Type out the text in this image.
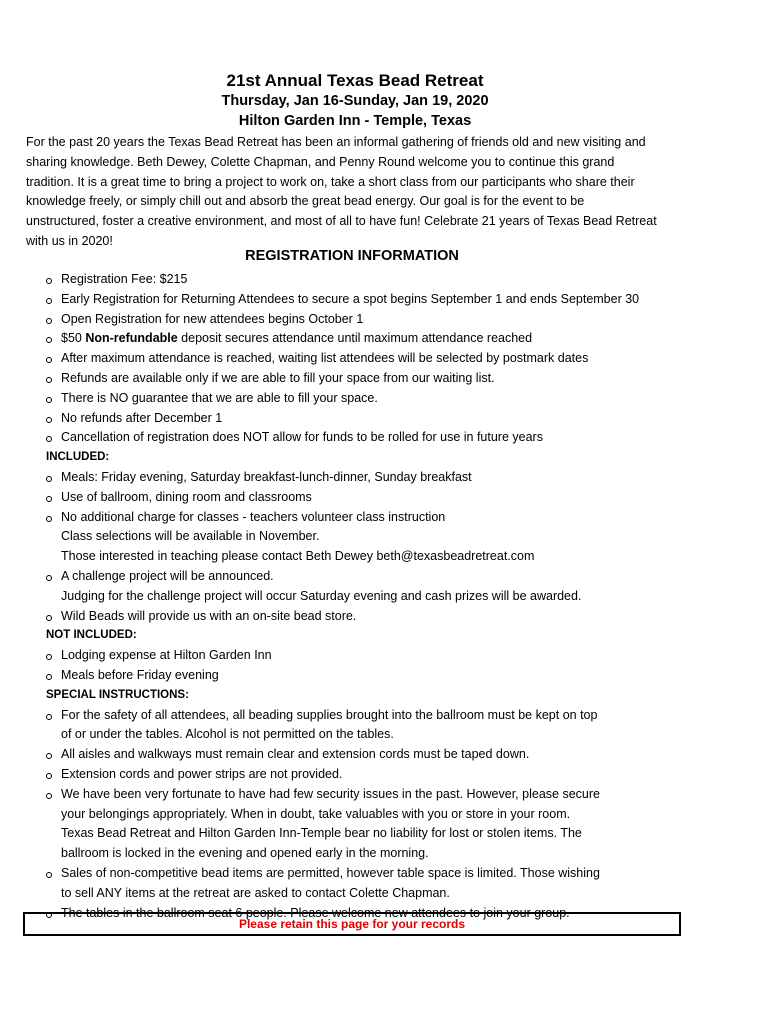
21st Annual Texas Bead Retreat
Thursday, Jan 16-Sunday, Jan 19, 2020
Hilton Garden Inn - Temple, Texas
For the past 20 years the Texas Bead Retreat has been an informal gathering of friends old and new visiting and
sharing knowledge. Beth Dewey, Colette Chapman, and Penny Round welcome you to continue this grand
tradition. It is a great time to bring a project to work on, take a short class from our participants who share their
knowledge freely, or simply chill out and absorb the great bead energy. Our goal is for the event to be
unstructured, foster a creative environment, and most of all to have fun! Celebrate 21 years of Texas Bead Retreat
with us in 2020!
REGISTRATION INFORMATION
Registration Fee: $215
Early Registration for Returning Attendees to secure a spot begins September 1 and ends September 30
Open Registration for new attendees begins October 1
$50 Non-refundable deposit secures attendance until maximum attendance reached
After maximum attendance is reached, waiting list attendees will be selected by postmark dates
Refunds are available only if we are able to fill your space from our waiting list.
There is NO guarantee that we are able to fill your space.
No refunds after December 1
Cancellation of registration does NOT allow for funds to be rolled for use in future years
INCLUDED:
Meals: Friday evening, Saturday breakfast-lunch-dinner, Sunday breakfast
Use of ballroom, dining room and classrooms
No additional charge for classes - teachers volunteer class instruction
Class selections will be available in November.
Those interested in teaching please contact Beth Dewey beth@texasbeadretreat.com
A challenge project will be announced.
Judging for the challenge project will occur Saturday evening and cash prizes will be awarded.
Wild Beads will provide us with an on-site bead store.
NOT INCLUDED:
Lodging expense at Hilton Garden Inn
Meals before Friday evening
SPECIAL INSTRUCTIONS:
For the safety of all attendees, all beading supplies brought into the ballroom must be kept on top
of or under the tables. Alcohol is not permitted on the tables.
All aisles and walkways must remain clear and extension cords must be taped down.
Extension cords and power strips are not provided.
We have been very fortunate to have had few security issues in the past. However, please secure
your belongings appropriately. When in doubt, take valuables with you or store in your room.
Texas Bead Retreat and Hilton Garden Inn-Temple bear no liability for lost or stolen items. The
ballroom is locked in the evening and opened early in the morning.
Sales of non-competitive bead items are permitted, however table space is limited. Those wishing
to sell ANY items at the retreat are asked to contact Colette Chapman.
The tables in the ballroom seat 6 people. Please welcome new attendees to join your group.
Please retain this page for your records
